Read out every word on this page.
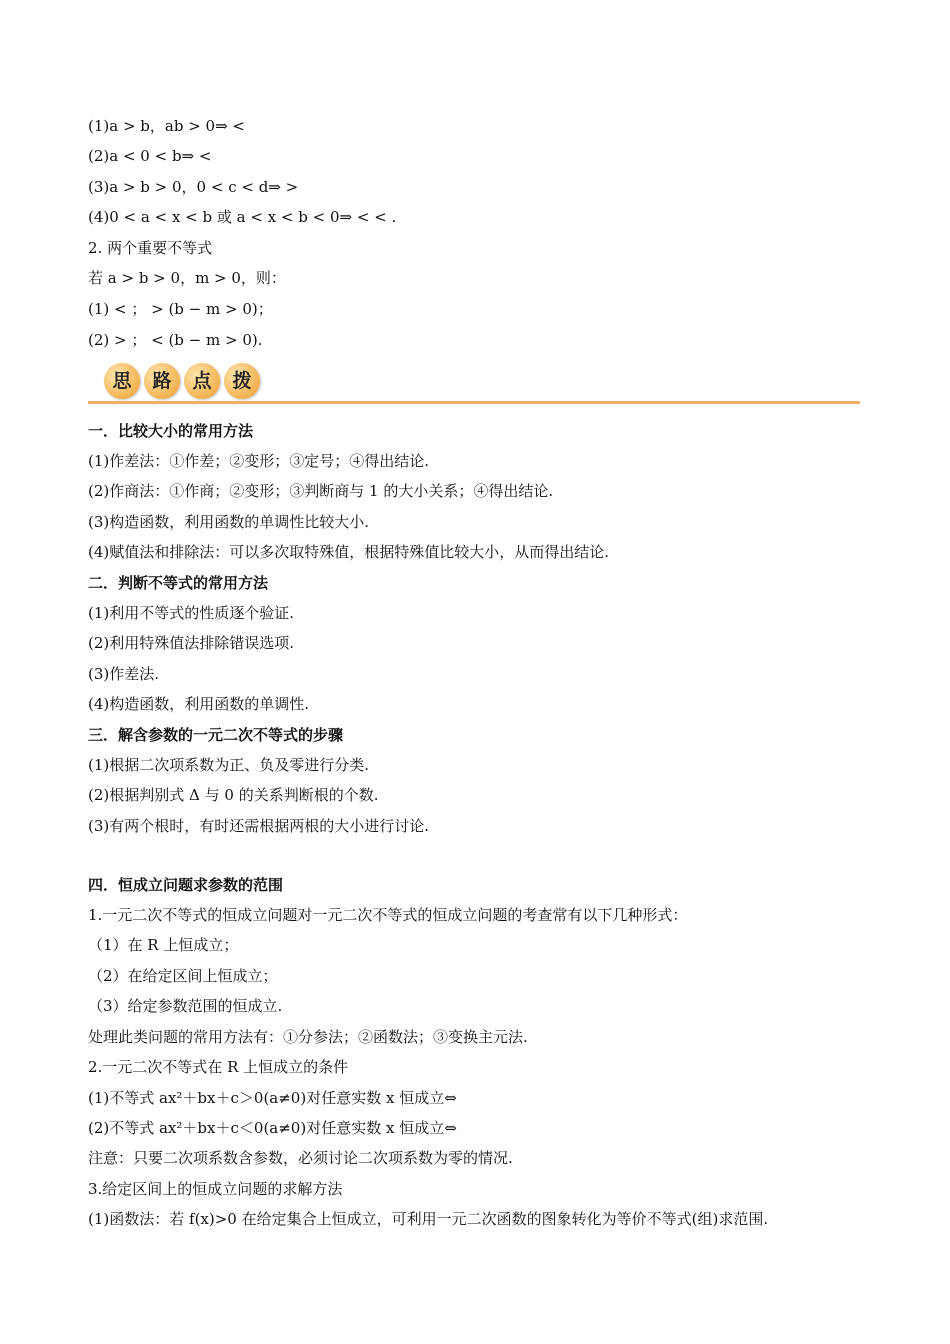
(1)a > b，ab > 0⇒ <
(2)a < 0 < b⇒ <
(3)a > b > 0，0 < c < d⇒ >
(4)0 < a < x < b 或 a < x < b < 0⇒ < < .
2. 两个重要不等式
若 a > b > 0，m > 0，则：
(1) < ； > (b − m > 0)；
(2) > ； < (b − m > 0).
思	路	点	拨
一．比较大小的常用方法
(1)作差法：①作差；②变形；③定号；④得出结论.
(2)作商法：①作商；②变形；③判断商与 1 的大小关系；④得出结论.
(3)构造函数，利用函数的单调性比较大小.
(4)赋值法和排除法：可以多次取特殊值，根据特殊值比较大小，从而得出结论.
二．判断不等式的常用方法
(1)利用不等式的性质逐个验证.
(2)利用特殊值法排除错误选项.
(3)作差法.
(4)构造函数，利用函数的单调性.
三．解含参数的一元二次不等式的步骤
(1)根据二次项系数为正、负及零进行分类.
(2)根据判别式 Δ 与 0 的关系判断根的个数.
(3)有两个根时，有时还需根据两根的大小进行讨论.
四．恒成立问题求参数的范围
1.一元二次不等式的恒成立问题对一元二次不等式的恒成立问题的考查常有以下几种形式：
（1）在 R 上恒成立；
（2）在给定区间上恒成立；
（3）给定参数范围的恒成立.
处理此类问题的常用方法有：①分参法；②函数法；③变换主元法.
2.一元二次不等式在 R 上恒成立的条件
(1)不等式 ax²＋bx＋c＞0(a≠0)对任意实数 x 恒成立⇔
(2)不等式 ax²＋bx＋c＜0(a≠0)对任意实数 x 恒成立⇔
注意：只要二次项系数含参数，必须讨论二次项系数为零的情况.
3.给定区间上的恒成立问题的求解方法
(1)函数法：若 f(x)>0 在给定集合上恒成立，可利用一元二次函数的图象转化为等价不等式(组)求范围.
